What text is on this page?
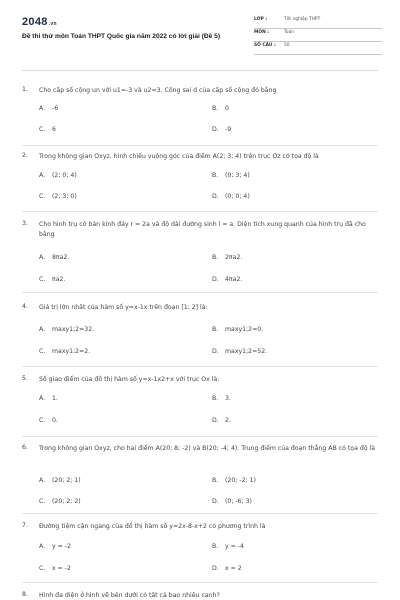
2048.vn
Đề thi thử môn Toán THPT Quốc gia năm 2022 có lời giải (Đề 5)
LỚP :	Tốt nghiệp THPT
MÔN :	Toán
SỐ CÂU : 50
1. Cho cấp số cộng un với u1=-3 và u2=3. Công sai d của cấp số cộng đó bằng
A. -6	B. 0
C. 6	D. -9
2. Trong không gian Oxyz, hình chiếu vuông góc của điểm A(2; 3; 4) trên trục Oz có tọa độ là
A. (2; 0; 4)	B. (0; 3; 4)
C. (2; 3; 0)	D. (0; 0; 4)
3. Cho hình trụ có bán kính đáy r = 2a và độ dài đường sinh l = a. Diện tích xung quanh của hình trụ đã cho bằng
A. 8πa2.	B. 2πa2.
C. πa2.	D. 4πa2.
4. Giá trị lớn nhất của hàm số y=x-1x trên đoạn [1; 2] là:
A. maxy1;2=32.	B. maxy1;2=0.
C. maxy1;2=2.	D. maxy1;2=52.
5. Số giao điểm của đồ thị hàm số y=x-1x2+x với trục Ox là:
A. 1.	B. 3.
C. 0.	D. 2.
6. Trong không gian Oxyz, cho hai điểm A(20; 8; -2) và B(20; -4; 4). Trung điểm của đoạn thẳng AB có tọa độ là
A. (20; 2; 1)	B. (20; -2; 1)
C. (20; 2; 2)	D. (0; -6; 3)
7. Đường tiệm cận ngang của đồ thị hàm số y=2x-8-x+2 có phương trình là
A. y = -2	B. y = -4
C. x = -2	D. x = 2
8. Hình đa diện ở hình vẽ bên dưới có tất cả bao nhiêu cạnh?
